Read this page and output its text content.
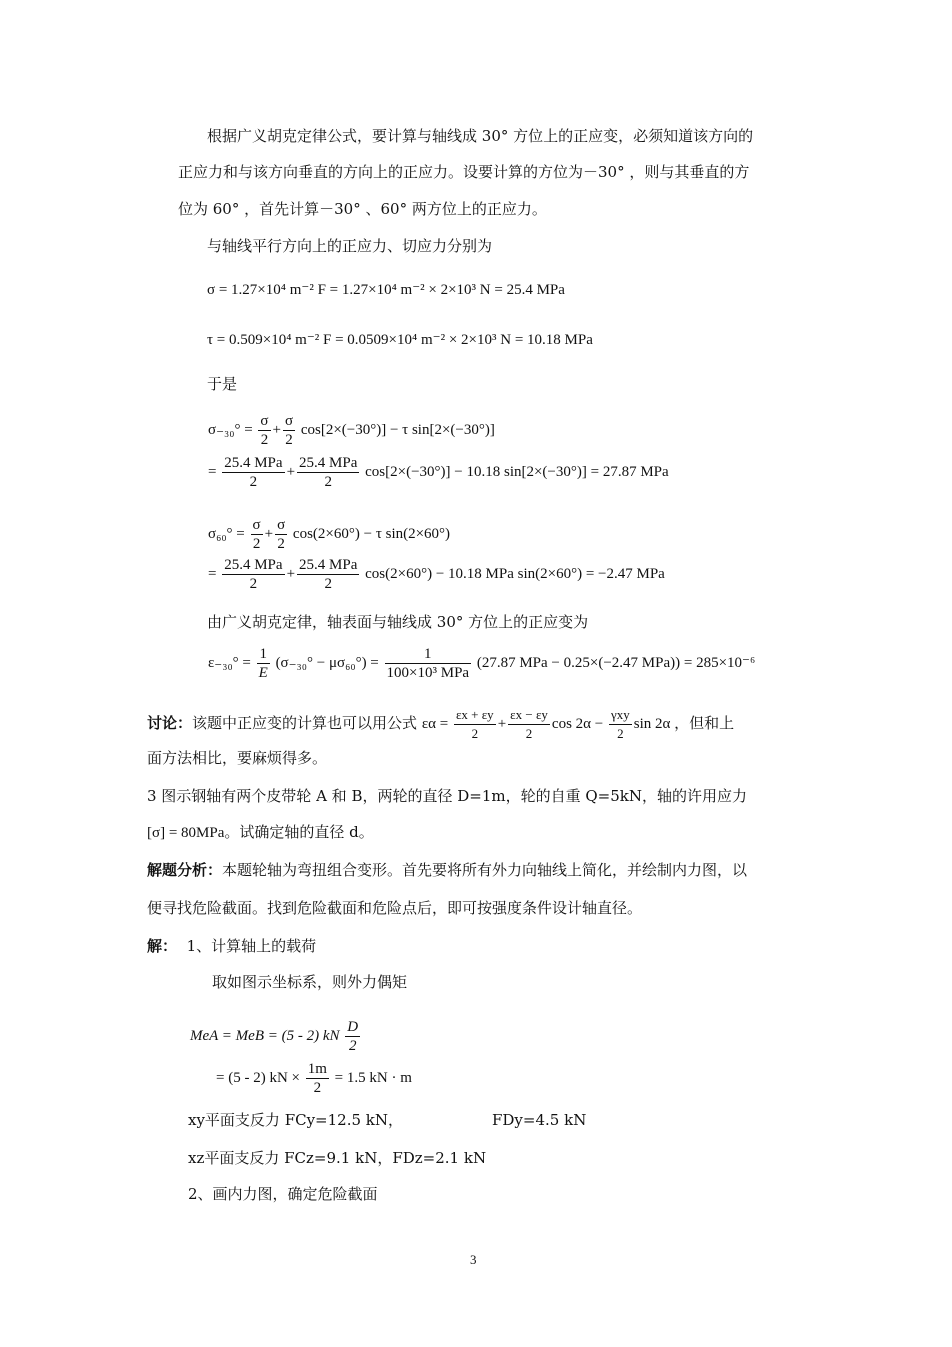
根据广义胡克定律公式，要计算与轴线成 30° 方位上的正应变，必须知道该方向的
正应力和与该方向垂直的方向上的正应力。设要计算的方位为－30° ，则与其垂直的方
位为 60° ，首先计算－30° 、60° 两方位上的正应力。
与轴线平行方向上的正应力、切应力分别为
σ = 1.27×10⁴ m⁻² F = 1.27×10⁴ m⁻² × 2×10³ N = 25.4 MPa
τ = 0.509×10⁴ m⁻² F = 0.0509×10⁴ m⁻² × 2×10³ N = 10.18 MPa
于是
$\sigma_{-30}^\circ = \frac{\sigma}{2} + \frac{\sigma}{2} \cos[2\times(-30^\circ)] - \tau$ sin[2×(−30°)]
= $\frac{\text{25.4 MPa}}{2} + \frac{\text{25.4 MPa}}{2} \cos[2\times(-30^\circ)] - 10.18$ sin[2×(−30°)] = 27.87 MPa
$\sigma_{60}^\circ = \frac{\sigma}{2} + \frac{\sigma}{2} \cos(2\times 60^\circ) - \tau$ sin(2×60°)
= $\frac{\text{25.4 MPa}}{2} + \frac{\text{25.4 MPa}}{2} \cos(2\times 60^\circ) - 10.18$ MPa sin(2×60°) = −2.47 MPa
由广义胡克定律，轴表面与轴线成 30° 方位上的正应变为
$\varepsilon_{-30}^\circ = \frac{1}{E} (\sigma_{-30}^\circ - \mu\sigma_{60}^\circ) = \frac{1}{\text{100×10³ MPa}} (27.87$ MPa − 0.25×(−2.47 MPa)) = 285×10⁻⁶
讨论：该题中正应变的计算也可以用公式 $\varepsilon\alpha = \frac{\varepsilon x + \varepsilon y}{2} + \frac{\varepsilon x - \varepsilon y}{2}$ $\cos 2\alpha - \frac{\text{γxy}}{2}$ sin 2α ，但和上
面方法相比，要麻烦得多。
3 图示钢轴有两个皮带轮 A 和 B，两轮的直径 D=1m，轮的自重 Q=5kN，轴的许用应力
[σ] = 80MPa。试确定轴的直径 d。
解题分析：本题轮轴为弯扭组合变形。首先要将所有外力向轴线上简化，并绘制内力图，以
便寻找危险截面。找到危险截面和危险点后，即可按强度条件设计轴直径。
解： 1、计算轴上的载荷
取如图示坐标系，则外力偶矩
MeA = MeB = (5 - 2) kN $\frac{D}{2}$
= (5 - 2) kN × $\frac{1m}{2} = 1.5$ kN · m
xy平面支反力 FCy=12.5 kN，	FDy=4.5 kN
xz平面支反力 FCz=9.1 kN，FDz=2.1 kN
2、画内力图，确定危险截面
3
